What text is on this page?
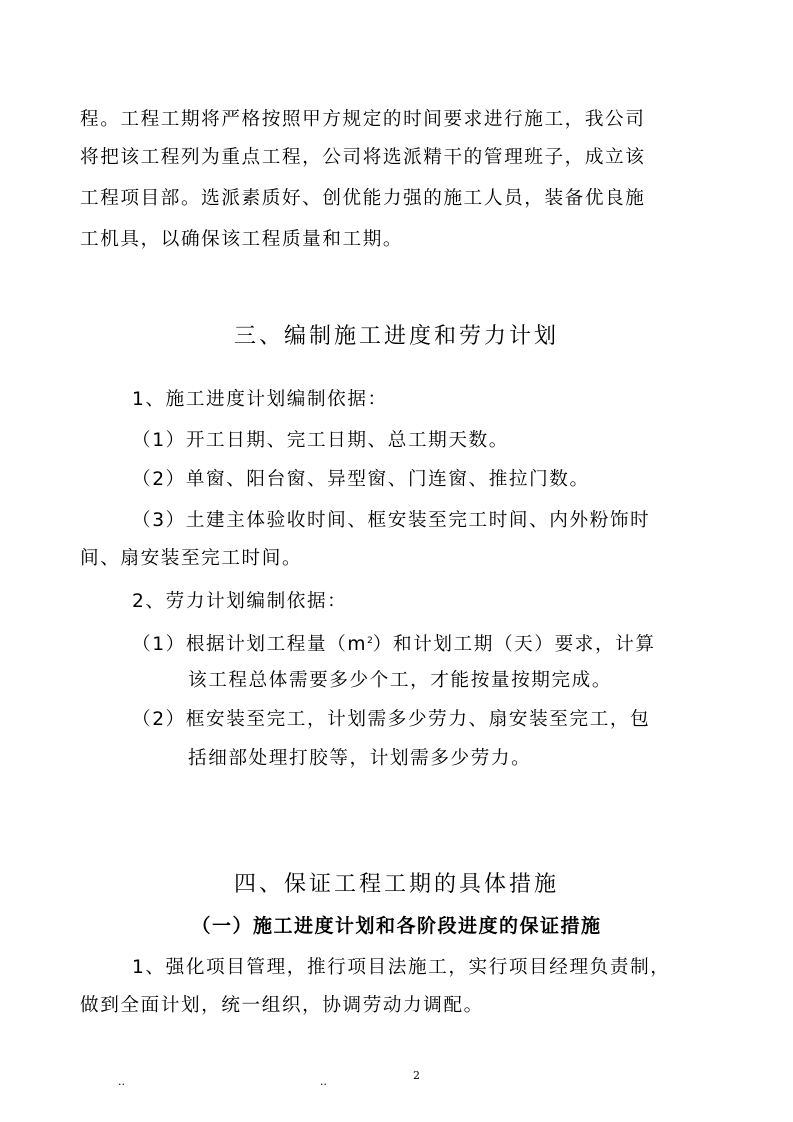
程。工程工期将严格按照甲方规定的时间要求进行施工，我公司
将把该工程列为重点工程，公司将选派精干的管理班子，成立该
工程项目部。选派素质好、创优能力强的施工人员，装备优良施
工机具，以确保该工程质量和工期。
三、编制施工进度和劳力计划
1、施工进度计划编制依据：
（1）开工日期、完工日期、总工期天数。
（2）单窗、阳台窗、异型窗、门连窗、推拉门数。
（3）土建主体验收时间、框安装至完工时间、内外粉饰时
间、扇安装至完工时间。
2、劳力计划编制依据：
（1）根据计划工程量$(m^2)$和计划工期（天）要求，计算
该工程总体需要多少个工，才能按量按期完成。
（2）框安装至完工，计划需多少劳力、扇安装至完工，包
括细部处理打胶等，计划需多少劳力。
四、保证工程工期的具体措施
（一）施工进度计划和各阶段进度的保证措施
1、强化项目管理，推行项目法施工，实行项目经理负责制，
做到全面计划，统一组织，协调劳动力调配。
..	..	2
